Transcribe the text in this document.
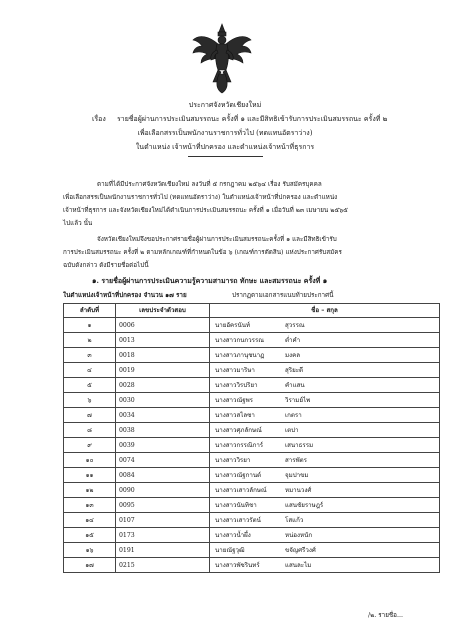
ประกาศจังหวัดเชียงใหม่
เรื่อง รายชื่อผู้ผ่านการประเมินสมรรถนะ ครั้งที่ ๑ และมีสิทธิเข้ารับการประเมินสมรรถนะ ครั้งที่ ๒
เพื่อเลือกสรรเป็นพนักงานราชการทั่วไป (ทดแทนอัตราว่าง)
ในตำแหน่ง เจ้าหน้าที่ปกครอง และตำแหน่งเจ้าหน้าที่ธุรการ
ตามที่ได้มีประกาศจังหวัดเชียงใหม่ ลงวันที่ ๕ กรกฎาคม ๒๕๖๔ เรื่อง รับสมัครบุคคล
เพื่อเลือกสรรเป็นพนักงานราชการทั่วไป (ทดแทนอัตราว่าง) ในตำแหน่งเจ้าหน้าที่ปกครอง และตำแหน่ง
เจ้าหน้าที่ธุรการ และจังหวัดเชียงใหม่ได้ดำเนินการประเมินสมรรถนะ ครั้งที่ ๑ เมื่อวันที่ ๒๓ เมษายน ๒๕๖๕
ไปแล้ว นั้น
จังหวัดเชียงใหม่จึงขอประกาศรายชื่อผู้ผ่านการประเมินสมรรถนะครั้งที่ ๑ และมีสิทธิเข้ารับ
การประเมินสมรรถนะ ครั้งที่ ๒ ตามหลักเกณฑ์ที่กำหนดในข้อ ๖ (เกณฑ์การตัดสิน) แห่งประกาศรับสมัคร
ฉบับดังกล่าว ดังมีรายชื่อต่อไปนี้
๑. รายชื่อผู้ผ่านการประเมินความรู้ความสามารถ ทักษะ และสมรรถนะ ครั้งที่ ๑
ในตำแหน่งเจ้าหน้าที่ปกครอง จำนวน ๑๗ ราย	ปรากฏตามเอกสารแนบท้ายประกาศนี้
ลำดับที่	เลขประจำตัวสอบ	ชื่อ – สกุล
๑	0006	นายอัครนันท์ สุวรรณ
๒	0013	นางสาวกนกวรรณ ต่ำคำ
๓	0018	นางสาวภานุชนาฏ มงคล
๔	0019	นางสาวมาริษา สุริยะดี
๕	0028	นางสาววิรปริยา คำแสน
๖	0030	นางสาวณัฐพร วิรามย์ไพ
๗	0034	นางสาวสไลซา เกตรา
๘	0038	นางสาวศุภลักษณ์ เตปา
๙	0039	นางสาวกรรณิการ์ เสนาธรรม
๑๐	0074	นางสาววิรยา สารพัตร
๑๑	0084	นางสาวณัฐกานต์ จุมปาขม
๑๒	0090	นางสาวเสาวลักษณ์ หมานวงศ์
๑๓	0095	นางสาวนันทิชา แสนชัยราษฎร์
๑๔	0107	นางสาวเสาวรัตน์ โสแก้ว
๑๕	0173	นางสาวน้ำผึ้ง หน่องหนัก
๑๖	0191	นายณัฐวุฒิ ขจัญศรีวงศ์
๑๗	0215	นางสาวพัชรินทร์ แสนละไม
/๒. รายชื่อ...
